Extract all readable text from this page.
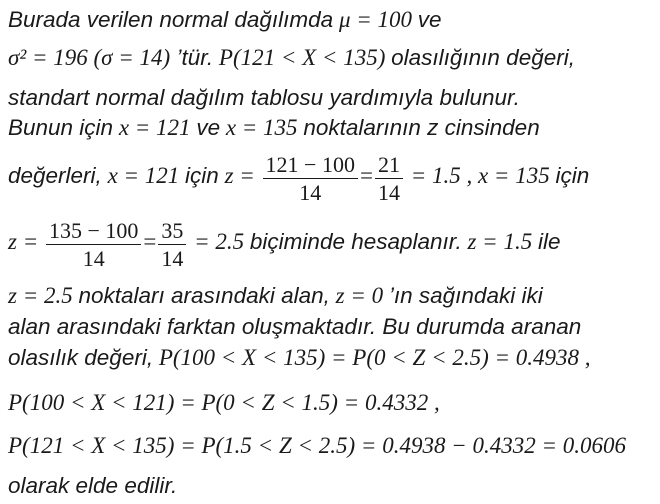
Burada verilen normal dağılımda μ = 100 ve
σ² = 196 (σ = 14) ’tür. P(121 < X < 135) olasılığının değeri,
standart normal dağılım tablosu yardımıyla bulunur.
Bunun için x = 121 ve x = 135 noktalarının z cinsinden
değerleri, x = 121 için $z = \frac{121 - 100}{14} = \frac{21}{14} = 1.5$ , x = 135 için
$z = \frac{135 - 100}{14} = \frac{35}{14} = 2.5$ biçiminde hesaplanır. z = 1.5 ile
z = 2.5 noktaları arasındaki alan, z = 0 ’ın sağındaki iki
alan arasındaki farktan oluşmaktadır. Bu durumda aranan
olasılık değeri, P(100 < X < 135) = P(0 < Z < 2.5) = 0.4938 ,
P(100 < X < 121) = P(0 < Z < 1.5) = 0.4332 ,
P(121 < X < 135) = P(1.5 < Z < 2.5) = 0.4938 − 0.4332 = 0.0606
olarak elde edilir.
